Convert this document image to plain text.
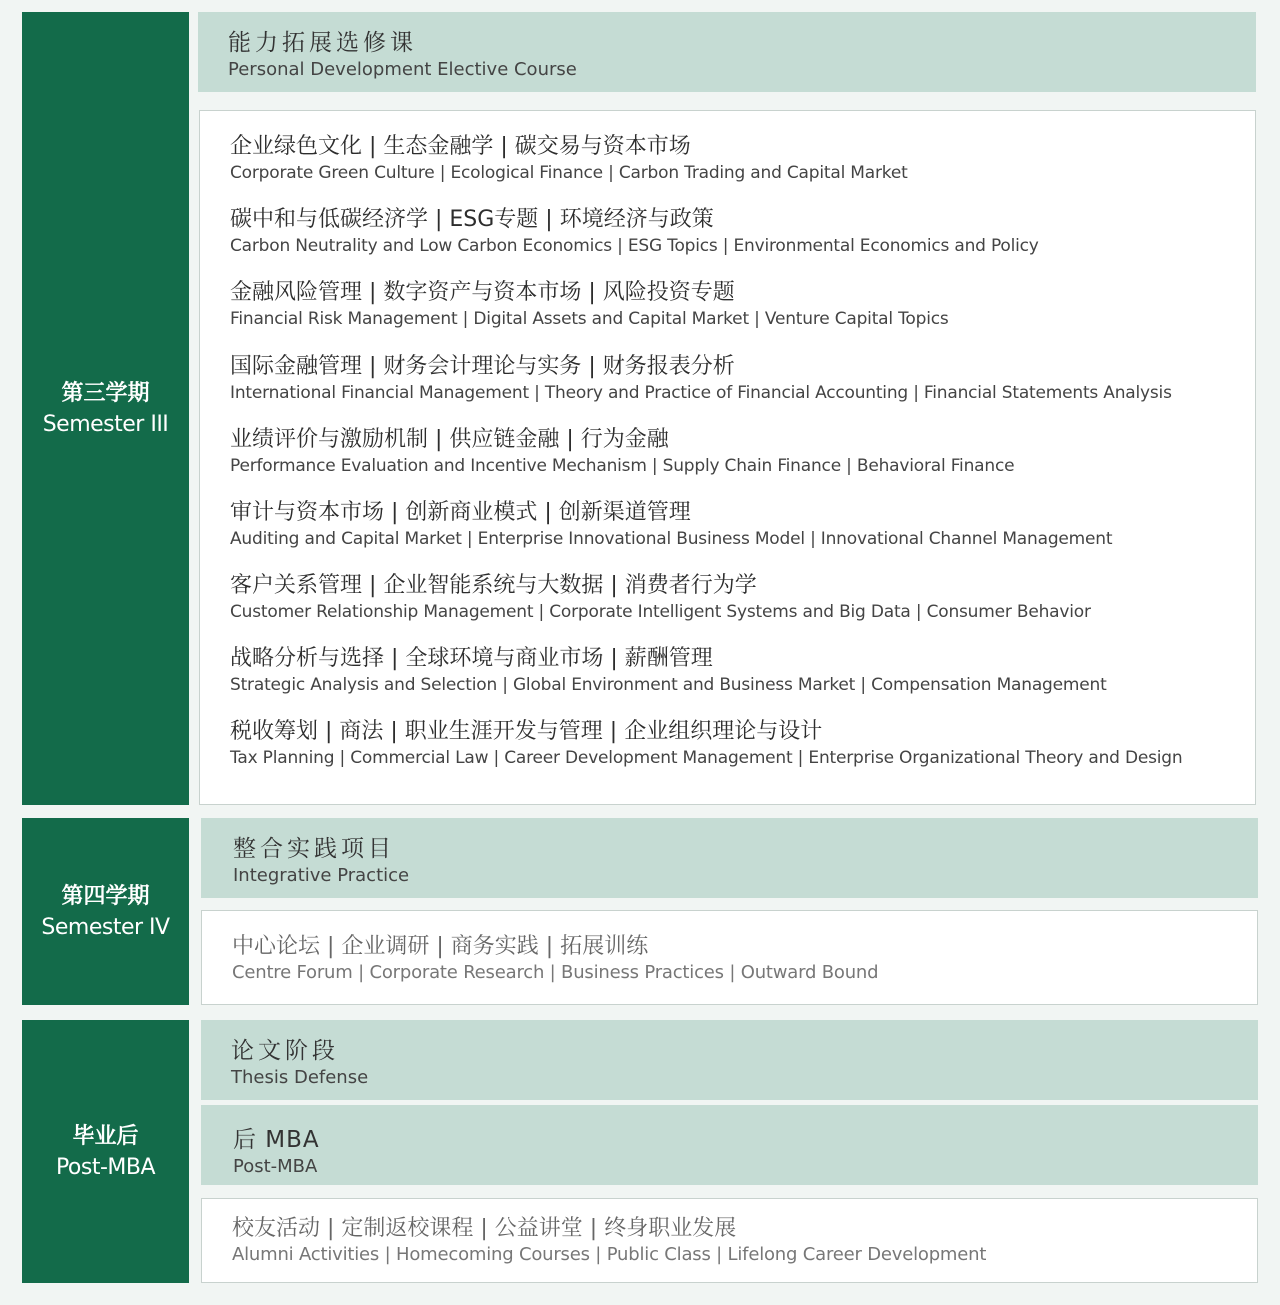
第三学期
Semester III
能力拓展选修课
Personal Development Elective Course
企业绿色文化 | 生态金融学 | 碳交易与资本市场
Corporate Green Culture | Ecological Finance | Carbon Trading and Capital Market
碳中和与低碳经济学 | ESG专题 | 环境经济与政策
Carbon Neutrality and Low Carbon Economics | ESG Topics | Environmental Economics and Policy
金融风险管理 | 数字资产与资本市场 | 风险投资专题
Financial Risk Management | Digital Assets and Capital Market | Venture Capital Topics
国际金融管理 | 财务会计理论与实务 | 财务报表分析
International Financial Management | Theory and Practice of Financial Accounting | Financial Statements Analysis
业绩评价与激励机制 | 供应链金融 | 行为金融
Performance Evaluation and Incentive Mechanism | Supply Chain Finance | Behavioral Finance
审计与资本市场 | 创新商业模式 | 创新渠道管理
Auditing and Capital Market | Enterprise Innovational Business Model | Innovational Channel Management
客户关系管理 | 企业智能系统与大数据 | 消费者行为学
Customer Relationship Management | Corporate Intelligent Systems and Big Data | Consumer Behavior
战略分析与选择 | 全球环境与商业市场 | 薪酬管理
Strategic Analysis and Selection | Global Environment and Business Market | Compensation Management
税收筹划 | 商法 | 职业生涯开发与管理 | 企业组织理论与设计
Tax Planning | Commercial Law | Career Development Management | Enterprise Organizational Theory and Design
第四学期
Semester IV
整合实践项目
Integrative Practice
中心论坛 | 企业调研 | 商务实践 | 拓展训练
Centre Forum | Corporate Research | Business Practices | Outward Bound
毕业后
Post-MBA
论文阶段
Thesis Defense
后 MBA
Post-MBA
校友活动 | 定制返校课程 | 公益讲堂 | 终身职业发展
Alumni Activities | Homecoming Courses | Public Class | Lifelong Career Development
